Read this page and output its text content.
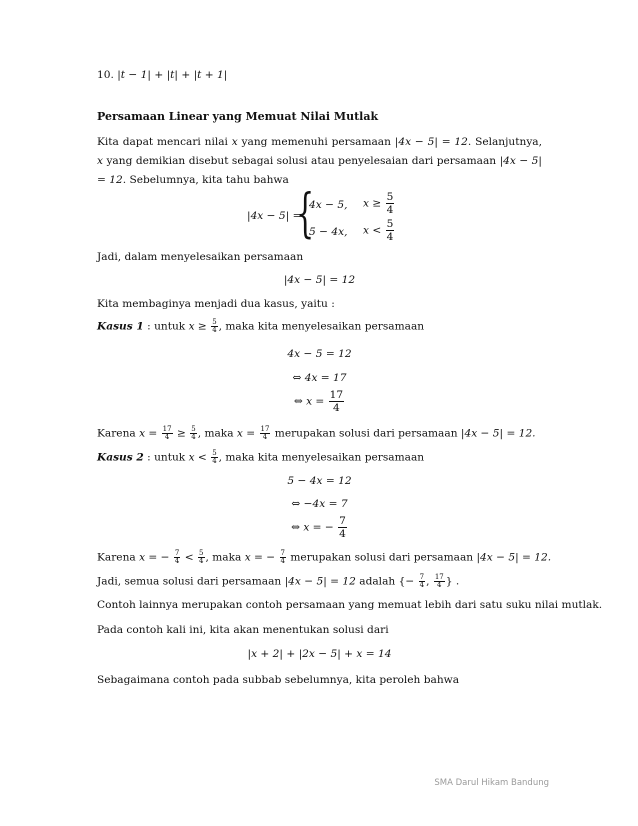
10. |t − 1| + |t| + |t + 1|
Persamaan Linear yang Memuat Nilai Mutlak
Kita dapat mencari nilai x yang memenuhi persamaan |4x − 5| = 12. Selanjutnya, x yang demikian disebut sebagai solusi atau penyelesaian dari persamaan |4x − 5| = 12. Sebelumnya, kita tahu bahwa
|4x − 5| =
{
4x − 5, $x \ge \frac{5}{4}$
5 − 4x, $x < \frac{5}{4}$
Jadi, dalam menyelesaikan persamaan
|4x − 5| = 12
Kita membaginya menjadi dua kasus, yaitu :
Kasus 1 : untuk $x \ge \frac{5}{4}$ , maka kita menyelesaikan persamaan
4x − 5 = 12
⇔ 4x = 17
⇔ $x = \frac{17}{4}$
Karena $x = \frac{17}{4} \ge \frac{5}{4}$ , maka $x = \frac{17}{4}$ merupakan solusi dari persamaan |4x − 5| = 12.
Kasus 2 : untuk $x < \frac{5}{4}$ , maka kita menyelesaikan persamaan
5 − 4x = 12
⇔ −4x = 7
⇔ x = − $\frac{7}{4}$
Karena x = − $\frac{7}{4} < \frac{5}{4}$ , maka x = − $\frac{7}{4}$ merupakan solusi dari persamaan |4x − 5| = 12.
Jadi, semua solusi dari persamaan |4x − 5| = 12 adalah {− $\frac{7}{4}$ , $\frac{17}{4}$ } .
Contoh lainnya merupakan contoh persamaan yang memuat lebih dari satu suku nilai mutlak.
Pada contoh kali ini, kita akan menentukan solusi dari
|x + 2| + |2x − 5| + x = 14
Sebagaimana contoh pada subbab sebelumnya, kita peroleh bahwa
SMA Darul Hikam Bandung
